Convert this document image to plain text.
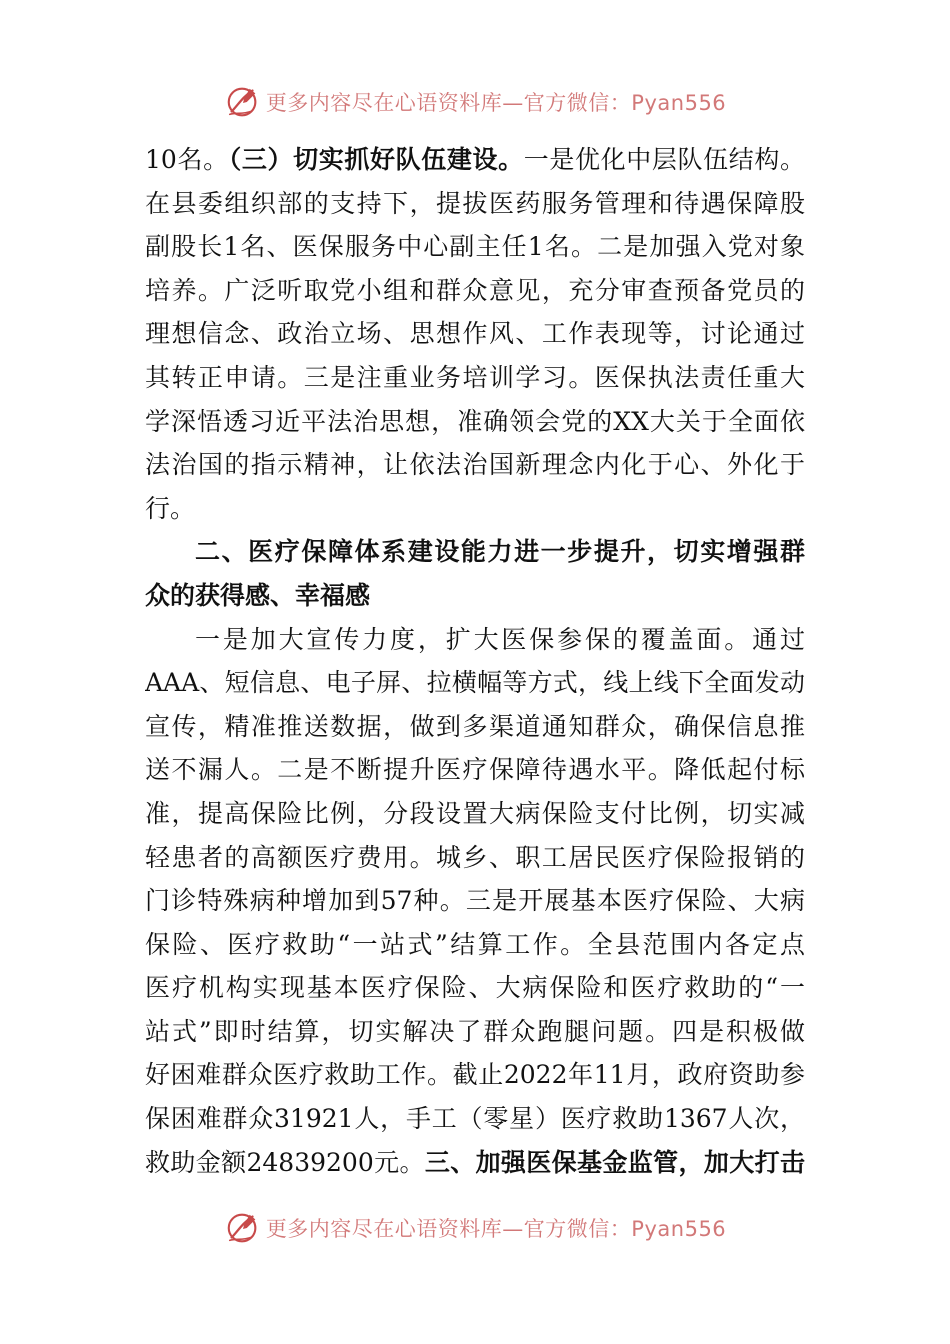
更多内容尽在心语资料库—官方微信：Pyan556
10名。（三）切实抓好队伍建设。一是优化中层队伍结构。
在县委组织部的支持下，提拔医药服务管理和待遇保障股
副股长1名、医保服务中心副主任1名。二是加强入党对象
培养。广泛听取党小组和群众意见，充分审查预备党员的
理想信念、政治立场、思想作风、工作表现等，讨论通过
其转正申请。三是注重业务培训学习。医保执法责任重大
学深悟透习近平法治思想，准确领会党的XX大关于全面依
法治国的指示精神，让依法治国新理念内化于心、外化于
行。
二、医疗保障体系建设能力进一步提升，切实增强群
众的获得感、幸福感
一是加大宣传力度，扩大医保参保的覆盖面。通过
AAA、短信息、电子屏、拉横幅等方式，线上线下全面发动
宣传，精准推送数据，做到多渠道通知群众，确保信息推
送不漏人。二是不断提升医疗保障待遇水平。降低起付标
准，提高保险比例，分段设置大病保险支付比例，切实减
轻患者的高额医疗费用。城乡、职工居民医疗保险报销的
门诊特殊病种增加到57种。三是开展基本医疗保险、大病
保险、医疗救助“一站式”结算工作。全县范围内各定点
医疗机构实现基本医疗保险、大病保险和医疗救助的“一
站式”即时结算，切实解决了群众跑腿问题。四是积极做
好困难群众医疗救助工作。截止2022年11月，政府资助参
保困难群众31921人，手工（零星）医疗救助1367人次，
救助金额24839200元。三、加强医保基金监管，加大打击
更多内容尽在心语资料库—官方微信：Pyan556
